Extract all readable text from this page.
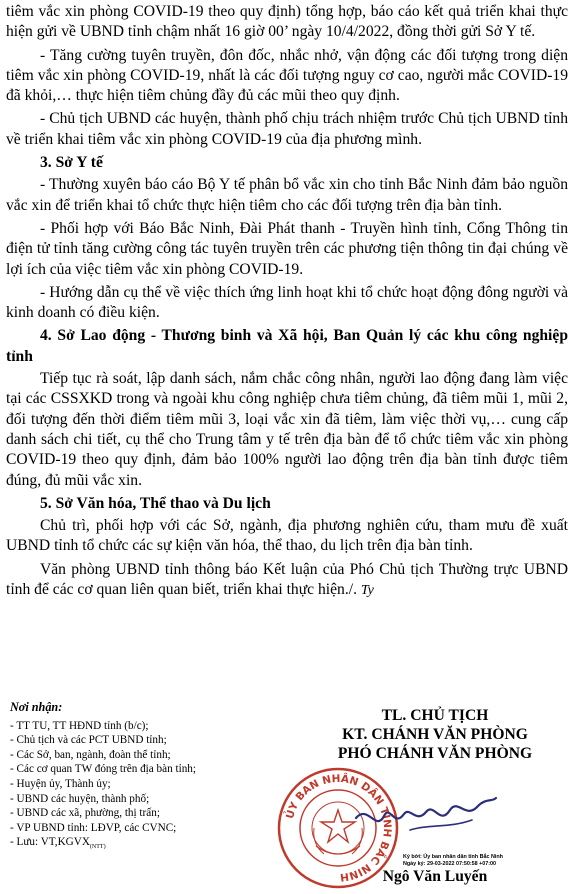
tiêm vắc xin phòng COVID-19 theo quy định) tổng hợp, báo cáo kết quả triển khai thực hiện gửi về UBND tỉnh chậm nhất 16 giờ 00’ ngày 10/4/2022, đồng thời gửi Sở Y tế.

- Tăng cường tuyên truyền, đôn đốc, nhắc nhở, vận động các đối tượng trong diện tiêm vắc xin phòng COVID-19, nhất là các đối tượng nguy cơ cao, người mắc COVID-19 đã khỏi,… thực hiện tiêm chủng đầy đủ các mũi theo quy định.

- Chủ tịch UBND các huyện, thành phố chịu trách nhiệm trước Chủ tịch UBND tỉnh về triển khai tiêm vắc xin phòng COVID-19 của địa phương mình.

3. Sở Y tế

- Thường xuyên báo cáo Bộ Y tế phân bổ vắc xin cho tỉnh Bắc Ninh đảm bảo nguồn vắc xin để triển khai tổ chức thực hiện tiêm cho các đối tượng trên địa bàn tỉnh.

- Phối hợp với Báo Bắc Ninh, Đài Phát thanh - Truyền hình tỉnh, Cổng Thông tin điện tử tỉnh tăng cường công tác tuyên truyền trên các phương tiện thông tin đại chúng về lợi ích của việc tiêm vắc xin phòng COVID-19.

- Hướng dẫn cụ thể về việc thích ứng linh hoạt khi tổ chức hoạt động đông người và kinh doanh có điều kiện.

4. Sở Lao động - Thương binh và Xã hội, Ban Quản lý các khu công nghiệp tỉnh

Tiếp tục rà soát, lập danh sách, nắm chắc công nhân, người lao động đang làm việc tại các CSSXKD trong và ngoài khu công nghiệp chưa tiêm chủng, đã tiêm mũi 1, mũi 2, đối tượng đến thời điểm tiêm mũi 3, loại vắc xin đã tiêm, làm việc thời vụ,… cung cấp danh sách chi tiết, cụ thể cho Trung tâm y tế trên địa bàn để tổ chức tiêm vắc xin phòng COVID-19 theo quy định, đảm bảo 100% người lao động trên địa bàn tỉnh được tiêm đúng, đủ mũi vắc xin.

5. Sở Văn hóa, Thể thao và Du lịch

Chủ trì, phối hợp với các Sở, ngành, địa phương nghiên cứu, tham mưu đề xuất UBND tỉnh tổ chức các sự kiện văn hóa, thể thao, du lịch trên địa bàn tỉnh.

Văn phòng UBND tỉnh thông báo Kết luận của Phó Chủ tịch Thường trực UBND tỉnh để các cơ quan liên quan biết, triển khai thực hiện./. Ty

Nơi nhận:
- TT TU, TT HĐND tỉnh (b/c);
- Chủ tịch và các PCT UBND tỉnh;
- Các Sở, ban, ngành, đoàn thể tỉnh;
- Các cơ quan TW đóng trên địa bàn tỉnh;
- Huyện ủy, Thành ủy;
- UBND các huyện, thành phố;
- UBND các xã, phường, thị trấn;
- VP UBND tỉnh: LĐVP, các CVNC;
- Lưu: $VT,KGVX_{(NTT)}$
TL. CHỦ TỊCH
KT. CHÁNH VĂN PHÒNG
PHÓ CHÁNH VĂN PHÒNG
ỦY BAN NHÂN DÂN TỈNH BẮC NINH
Ký bởi: Ủy ban nhân dân tỉnh Bắc Ninh
Ngày ký: 29-03-2022 07:50:58 +07:00
Ngô Văn Luyến
